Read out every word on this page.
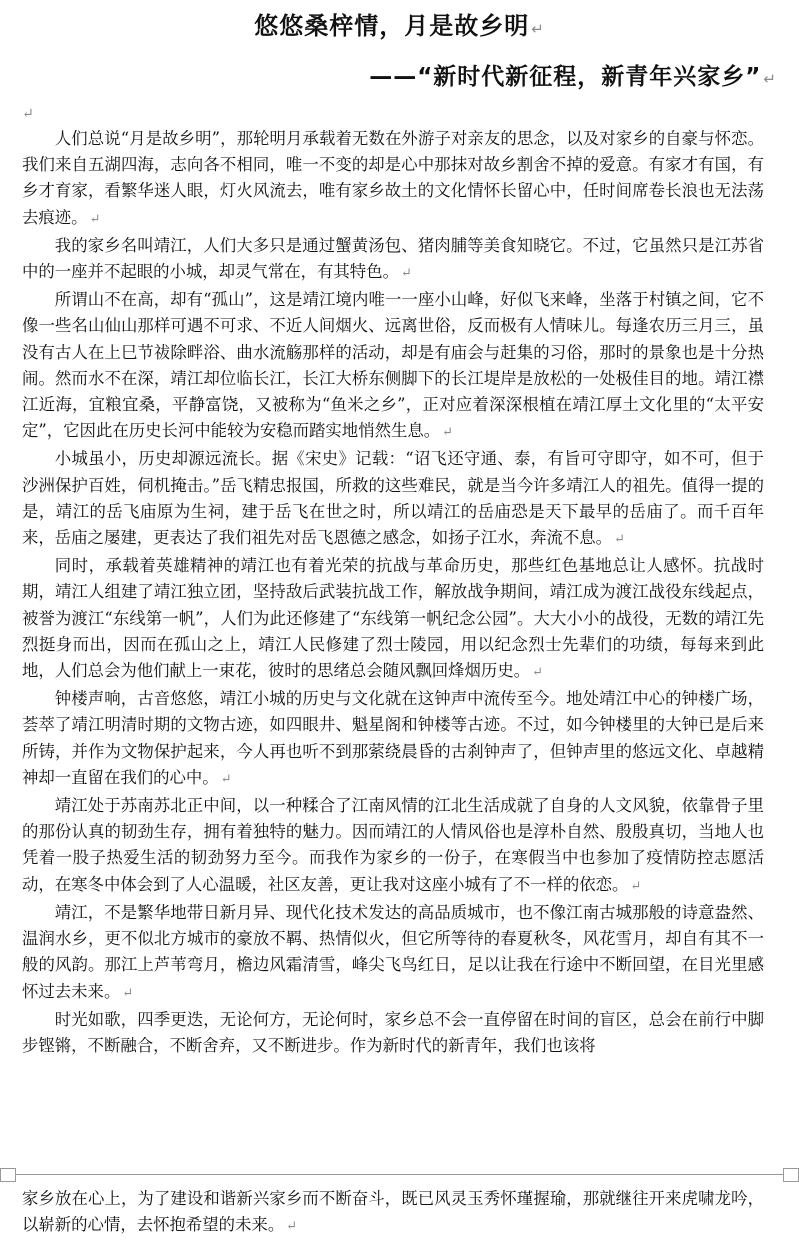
悠悠桑梓情，月是故乡明 ↵
——“新时代新征程，新青年兴家乡” ↵
↵

人们总说“月是故乡明”，那轮明月承载着无数在外游子对亲友的思念，以及对家乡的自豪与怀恋。我们来自五湖四海，志向各不相同，唯一不变的却是心中那抹对故乡割舍不掉的爱意。有家才有国，有乡才育家，看繁华迷人眼，灯火风流去，唯有家乡故土的文化情怀长留心中，任时间席卷长浪也无法荡去痕迹。 ↵

我的家乡名叫靖江，人们大多只是通过蟹黄汤包、猪肉脯等美食知晓它。不过，它虽然只是江苏省中的一座并不起眼的小城，却灵气常在，有其特色。 ↵

所谓山不在高，却有“孤山”，这是靖江境内唯一一座小山峰，好似飞来峰，坐落于村镇之间，它不像一些名山仙山那样可遇不可求、不近人间烟火、远离世俗，反而极有人情味儿。每逢农历三月三，虽没有古人在上巳节祓除畔浴、曲水流觞那样的活动，却是有庙会与赶集的习俗，那时的景象也是十分热闹。然而水不在深，靖江却位临长江，长江大桥东侧脚下的长江堤岸是放松的一处极佳目的地。靖江襟江近海，宜粮宜桑，平静富饶，又被称为“鱼米之乡”，正对应着深深根植在靖江厚土文化里的“太平安定”，它因此在历史长河中能较为安稳而踏实地悄然生息。 ↵

小城虽小，历史却源远流长。据《宋史》记载：“诏飞还守通、泰，有旨可守即守，如不可，但于沙洲保护百姓，伺机掩击。”岳飞精忠报国，所救的这些难民，就是当今许多靖江人的祖先。值得一提的是，靖江的岳飞庙原为生祠，建于岳飞在世之时，所以靖江的岳庙恐是天下最早的岳庙了。而千百年来，岳庙之屡建，更表达了我们祖先对岳飞恩德之感念，如扬子江水，奔流不息。 ↵

同时，承载着英雄精神的靖江也有着光荣的抗战与革命历史，那些红色基地总让人感怀。抗战时期，靖江人组建了靖江独立团，坚持敌后武装抗战工作，解放战争期间，靖江成为渡江战役东线起点，被誉为渡江“东线第一帆”，人们为此还修建了“东线第一帆纪念公园”。大大小小的战役，无数的靖江先烈挺身而出，因而在孤山之上，靖江人民修建了烈士陵园，用以纪念烈士先辈们的功绩，每每来到此地，人们总会为他们献上一束花，彼时的思绪总会随风飘回烽烟历史。 ↵

钟楼声响，古音悠悠，靖江小城的历史与文化就在这钟声中流传至今。地处靖江中心的钟楼广场，荟萃了靖江明清时期的文物古迹，如四眼井、魁星阁和钟楼等古迹。不过，如今钟楼里的大钟已是后来所铸，并作为文物保护起来，今人再也听不到那萦绕晨昏的古刹钟声了，但钟声里的悠远文化、卓越精神却一直留在我们的心中。 ↵

靖江处于苏南苏北正中间，以一种糅合了江南风情的江北生活成就了自身的人文风貌，依靠骨子里的那份认真的韧劲生存，拥有着独特的魅力。因而靖江的人情风俗也是淳朴自然、殷殷真切，当地人也凭着一股子热爱生活的韧劲努力至今。而我作为家乡的一份子，在寒假当中也参加了疫情防控志愿活动，在寒冬中体会到了人心温暖，社区友善，更让我对这座小城有了不一样的依恋。 ↵

靖江，不是繁华地带日新月异、现代化技术发达的高品质城市，也不像江南古城那般的诗意盎然、温润水乡，更不似北方城市的豪放不羁、热情似火，但它所等待的春夏秋冬，风花雪月，却自有其不一般的风韵。那江上芦苇弯月，檐边风霜清雪，峰尖飞鸟红日，足以让我在行途中不断回望，在目光里感怀过去未来。 ↵

时光如歌，四季更迭，无论何方，无论何时，家乡总不会一直停留在时间的盲区，总会在前行中脚步铿锵，不断融合，不断舍弃，又不断进步。作为新时代的新青年，我们也该将

家乡放在心上，为了建设和谐新兴家乡而不断奋斗，既已风灵玉秀怀瑾握瑜，那就继往开来虎啸龙吟，以崭新的心情，去怀抱希望的未来。 ↵
